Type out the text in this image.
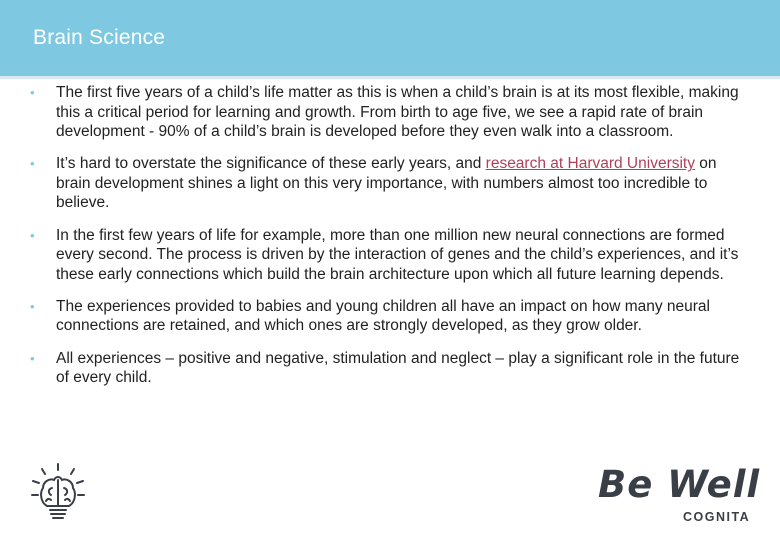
Brain Science
• The first five years of a child’s life matter as this is when a child’s brain is at its most flexible, making this a critical period for learning and growth. From birth to age five, we see a rapid rate of brain development - 90% of a child’s brain is developed before they even walk into a classroom.
• It’s hard to overstate the significance of these early years, and research at Harvard University on brain development shines a light on this very importance, with numbers almost too incredible to believe.
• In the first few years of life for example, more than one million new neural connections are formed every second. The process is driven by the interaction of genes and the child’s experiences, and it’s these early connections which build the brain architecture upon which all future learning depends.
• The experiences provided to babies and young children all have an impact on how many neural connections are retained, and which ones are strongly developed, as they grow older.
• All experiences – positive and negative, stimulation and neglect – play a significant role in the future of every child.
Be Well
COGNITA
